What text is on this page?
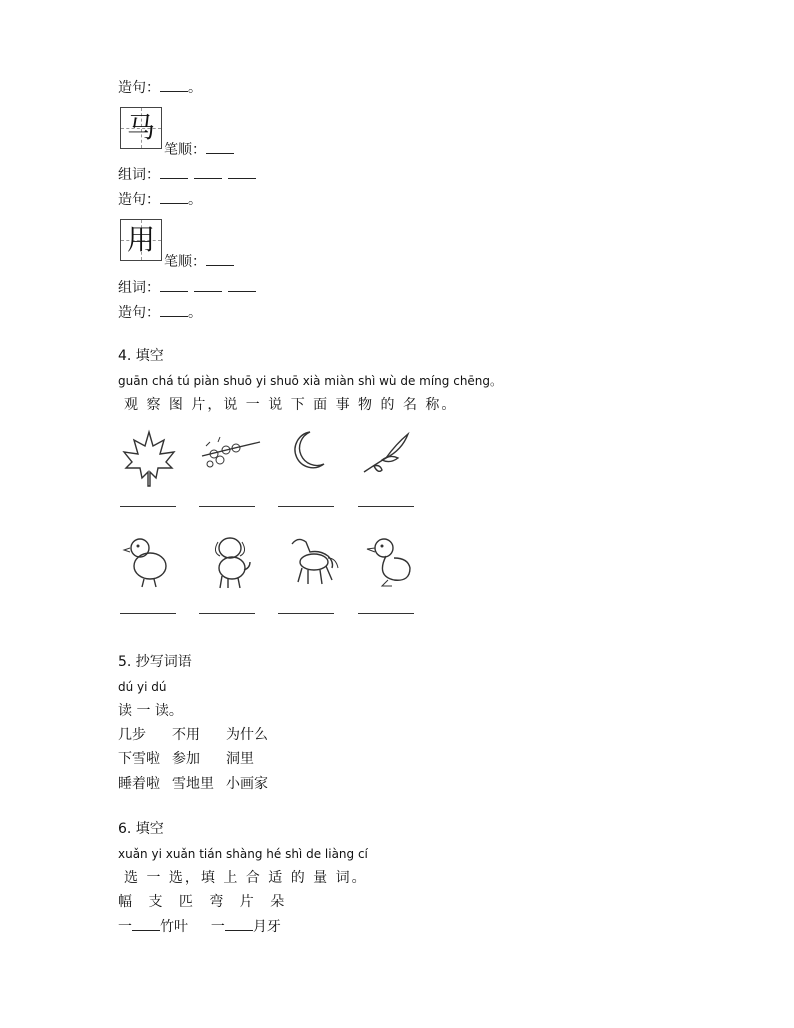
造句： 。
马
笔顺：
组词：
造句： 。
用
笔顺：
组词：
造句： 。
4. 填空
guān chá tú piàn shuō yi shuō xià miàn shì wù de míng chēng。
观 察 图 片，说 一 说 下 面 事 物 的 名 称。
5. 抄写词语
dú yi dú
读 一 读。
几步 不用 为什么
下雪啦 参加 洞里
睡着啦 雪地里 小画家
6. 填空
xuǎn yi xuǎn tián shàng hé shì de liàng cí
选 一 选，填 上 合 适 的 量 词。
幅 支 匹 弯 片 朵
一 竹叶 一 月牙
